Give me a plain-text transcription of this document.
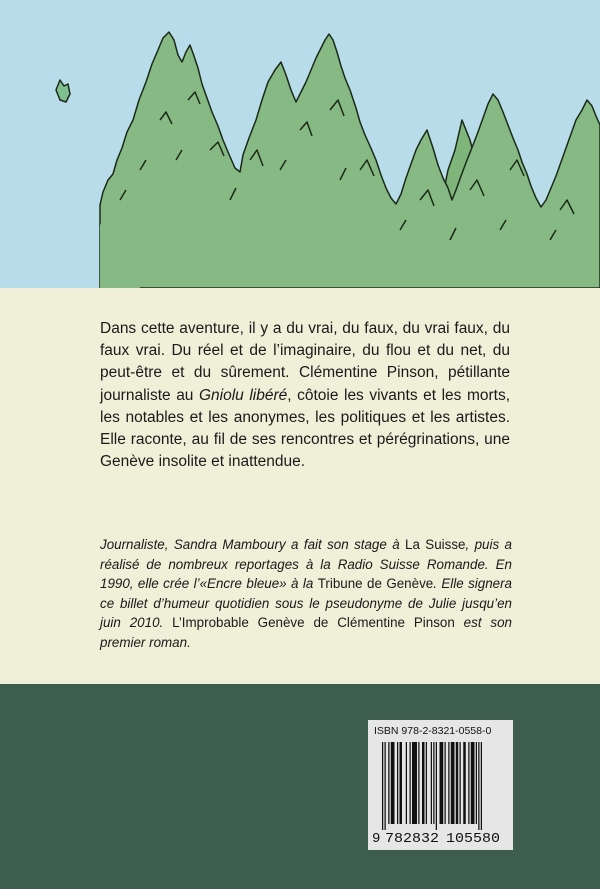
Dans cette aventure, il y a du vrai, du faux, du vrai faux, du faux vrai. Du réel et de l’imaginaire, du flou et du net, du peut-être et du sûrement. Clémentine Pinson, pétillante journaliste au Gniolu libéré, côtoie les vivants et les morts, les notables et les anonymes, les politiques et les artistes. Elle raconte, au fil de ses rencontres et pérégrinations, une Genève insolite et inattendue.

Journaliste, Sandra Mamboury a fait son stage à La Suisse, puis a réalisé de nombreux reportages à la Radio Suisse Romande. En 1990, elle crée l’«Encre bleue» à la Tribune de Genève. Elle signera ce billet d’humeur quotidien sous le pseudonyme de Julie jusqu’en juin 2010. L’Improbable Genève de Clémentine Pinson est son premier roman.

ISBN 978-2-8321-0558-0
9 782832 105580
